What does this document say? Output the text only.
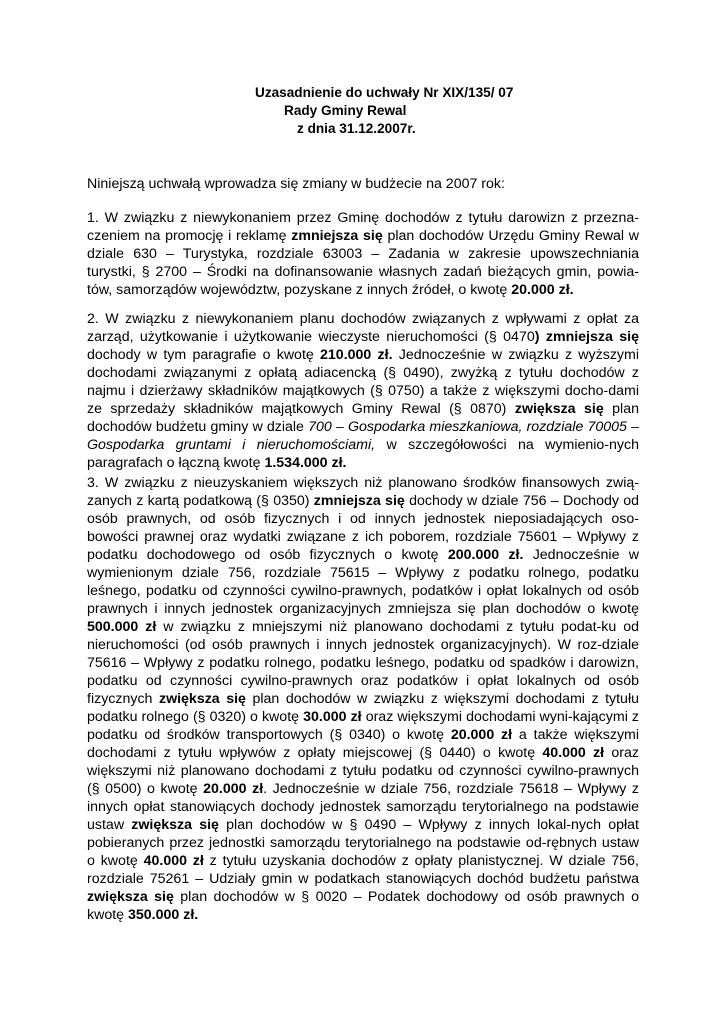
Uzasadnienie do uchwały Nr XIX/135/ 07
Rady Gminy Rewal
z dnia 31.12.2007r.
Niniejszą uchwałą wprowadza się zmiany w budżecie na 2007 rok:
1. W związku z niewykonaniem przez Gminę dochodów z tytułu darowizn z przezna-czeniem na promocję i reklamę zmniejsza się plan dochodów Urzędu Gminy Rewal w dziale 630 – Turystyka, rozdziale 63003 – Zadania w zakresie upowszechniania turystki, § 2700 – Środki na dofinansowanie własnych zadań bieżących gmin, powia-tów, samorządów województw, pozyskane z innych źródeł, o kwotę 20.000 zł.
2. W związku z niewykonaniem planu dochodów związanych z wpływami z opłat za zarząd, użytkowanie i użytkowanie wieczyste nieruchomości (§ 0470) zmniejsza się dochody w tym paragrafie o kwotę 210.000 zł. Jednocześnie w związku z wyższymi dochodami związanymi z opłatą adiacencką (§ 0490), zwyżką z tytułu dochodów z najmu i dzierżawy składników majątkowych (§ 0750) a także z większymi docho-dami ze sprzedaży składników majątkowych Gminy Rewal (§ 0870) zwiększa się plan dochodów budżetu gminy w dziale 700 – Gospodarka mieszkaniowa, rozdziale 70005 – Gospodarka gruntami i nieruchomościami, w szczegółowości na wymienio-nych paragrafach o łączną kwotę 1.534.000 zł.
3. W związku z nieuzyskaniem większych niż planowano środków finansowych zwią-zanych z kartą podatkową (§ 0350) zmniejsza się dochody w dziale 756 – Dochody od osób prawnych, od osób fizycznych i od innych jednostek nieposiadających oso-bowości prawnej oraz wydatki związane z ich poborem, rozdziale 75601 – Wpływy z podatku dochodowego od osób fizycznych o kwotę 200.000 zł. Jednocześnie w wymienionym dziale 756, rozdziale 75615 – Wpływy z podatku rolnego, podatku leśnego, podatku od czynności cywilno-prawnych, podatków i opłat lokalnych od osób prawnych i innych jednostek organizacyjnych zmniejsza się plan dochodów o kwotę 500.000 zł w związku z mniejszymi niż planowano dochodami z tytułu podat-ku od nieruchomości (od osób prawnych i innych jednostek organizacyjnych). W roz-dziale 75616 – Wpływy z podatku rolnego, podatku leśnego, podatku od spadków i darowizn, podatku od czynności cywilno-prawnych oraz podatków i opłat lokalnych od osób fizycznych zwiększa się plan dochodów w związku z większymi dochodami z tytułu podatku rolnego (§ 0320) o kwotę 30.000 zł oraz większymi dochodami wyni-kającymi z podatku od środków transportowych (§ 0340) o kwotę 20.000 zł a także większymi dochodami z tytułu wpływów z opłaty miejscowej (§ 0440) o kwotę 40.000 zł oraz większymi niż planowano dochodami z tytułu podatku od czynności cywilno-prawnych (§ 0500) o kwotę 20.000 zł. Jednocześnie w dziale 756, rozdziale 75618 – Wpływy z innych opłat stanowiących dochody jednostek samorządu terytorialnego na podstawie ustaw zwiększa się plan dochodów w § 0490 – Wpływy z innych lokal-nych opłat pobieranych przez jednostki samorządu terytorialnego na podstawie od-rębnych ustaw o kwotę 40.000 zł z tytułu uzyskania dochodów z opłaty planistycznej. W dziale 756, rozdziale 75261 – Udziały gmin w podatkach stanowiących dochód budżetu państwa zwiększa się plan dochodów w § 0020 – Podatek dochodowy od osób prawnych o kwotę 350.000 zł.
